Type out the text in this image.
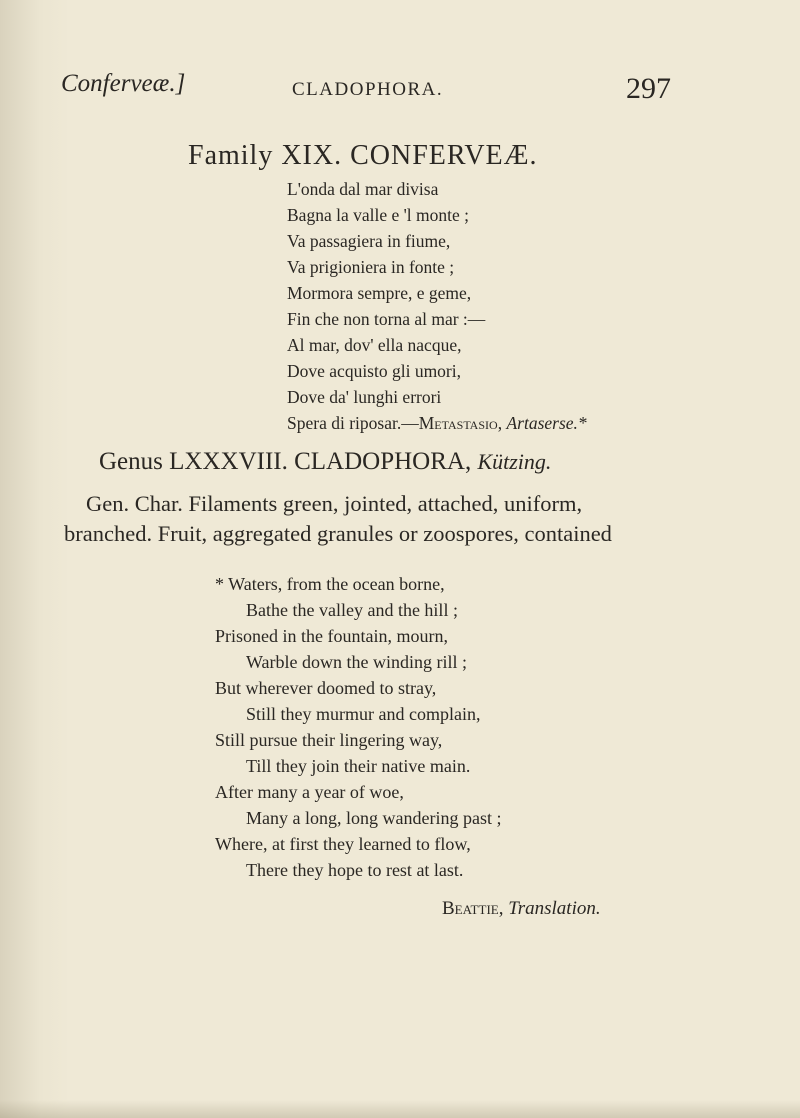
Conferveæ.]	CLADOPHORA.	297
Family XIX. CONFERVEÆ.
L'onda dal mar divisa
Bagna la valle e 'l monte ;
Va passagiera in fiume,
Va prigioniera in fonte ;
Mormora sempre, e geme,
Fin che non torna al mar :—
Al mar, dov' ella nacque,
Dove acquisto gli umori,
Dove da' lunghi errori
Spera di riposar.—Metastasio, Artaserse.*
Genus LXXXVIII. CLADOPHORA, Kützing.
Gen. Char. Filaments green, jointed, attached, uniform,
branched. Fruit, aggregated granules or zoospores, contained
* Waters, from the ocean borne,
Bathe the valley and the hill ;
Prisoned in the fountain, mourn,
Warble down the winding rill ;
But wherever doomed to stray,
Still they murmur and complain,
Still pursue their lingering way,
Till they join their native main.
After many a year of woe,
Many a long, long wandering past ;
Where, at first they learned to flow,
There they hope to rest at last.
Beattie, Translation.
